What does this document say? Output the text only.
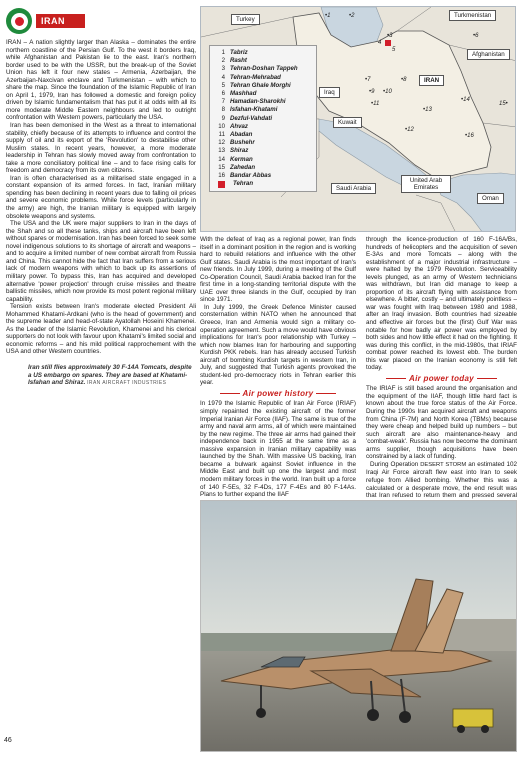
IRAN

IRAN – A nation slightly larger than Alaska – dominates the entire northern coastline of the Persian Gulf. To the west it borders Iraq, while Afghanistan and Pakistan lie to the east. Iran's northern border used to be with the USSR, but the break-up of the Soviet Union has left it four new states – Armenia, Azerbaijan, the Azerbaijan-Naxcivan enclave and Turkmenistan – with which to share the map. Since the foundation of the Islamic Republic of Iran on April 1, 1979, Iran has followed a domestic and foreign policy driven by Islamic fundamentalism that has put it at odds with all its more moderate Middle Eastern neighbours and led to outright confrontation with Western powers, particularly the USA.

Iran has been demonised in the West as a threat to international stability, chiefly because of its attempts to influence and control the supply of oil and its export of the 'Revolution' to destabilise other Muslim states. In recent years, however, a more moderate leadership in Tehran has slowly moved away from confrontation to take a more conciliatory political line – and to face rising calls for freedom and democracy from its own citizens.

Iran is often characterised as a militarised state engaged in a constant expansion of its armed forces. In fact, Iranian military spending has been declining in recent years due to falling oil prices and severe economic problems. While force levels (particularly in the army) are high, the Iranian military is equipped with largely obsolete weapons and systems.

The USA and the UK were major suppliers to Iran in the days of the Shah and so all these tanks, ships and aircraft have been left without spares or modernisation. Iran has been forced to seek some novel indigenous solutions to its shortage of aircraft and weapons – and to acquire a limited number of new combat aircraft from Russia and China. This cannot hide the fact that Iran suffers from a serious lack of modern weapons with which to back up its assertions of military power. To bypass this, Iran has acquired and developed alternative 'power projection' through cruise missiles and theatre ballistic missiles, which now provide its most potent regional military capability.

Tension exists between Iran's moderate elected President Ali Mohammed Khatami-Ardkani (who is the head of government) and the supreme leader and head-of-state Ayatollah Hoseini Khamenei. As the Leader of the Islamic Revolution, Khamenei and his clerical supporters do not look with favour upon Khatami's limited social and economic reforms – and his mild political rapprochement with the USA and other Western countries.

Iran still flies approximately 30 F-14A Tomcats, despite a US embargo on spares. They are based at Khatami-Isfahan and Shiraz. IRAN AIRCRAFT INDUSTRIES
46
Turkey
Turkmenistan
Afghanistan
Iraq
IRAN
Kuwait
Saudi Arabia
United Arab Emirates
Oman
1 Tabriz
2 Rasht
3 Tehran-Doshan Tappeh
4 Tehran-Mehrabad
5 Tehran Ghale Morghi
6 Mashhad
7 Hamadan-Sharokhi
8 Isfahan-Khatami
9 Dezful-Vahdati
10 Ahvaz
11 Abadan
12 Bushehr
13 Shiraz
14 Kerman
15 Zahedan
16 Bandar Abbas
Tehran
•1	•2
•3
4
5
•6
•7	•8
•9 •10
•11
•12
•13
•14
15•
•16

With the defeat of Iraq as a regional power, Iran finds itself in a dominant position in the region and is working hard to rebuild relations and influence with the other Gulf states. Saudi Arabia is the most important of Iran's new friends. In July 1999, during a meeting of the Gulf Co-Operation Council, Saudi Arabia backed Iran for the first time in a long-standing territorial dispute with the UAE over three islands in the Gulf, occupied by Iran since 1971.

In July 1999, the Greek Defence Minister caused consternation within NATO when he announced that Greece, Iran and Armenia would sign a military co-operation agreement. Such a move would have obvious implications for Iran's poor relationship with Turkey – which now blames Iran for harbouring and supporting Kurdish PKK rebels. Iran has already accused Turkish aircraft of bombing Kurdish targets in western Iran, in July, and suggested that Turkish agents provoked the student-led pro-democracy riots in Tehran earlier this year.

Air power history

In 1979 the Islamic Republic of Iran Air Force (IRIAF) simply repainted the existing aircraft of the former Imperial Iranian Air Force (IIAF). The same is true of the army and naval arm arms, all of which were maintained by the new regime. The three air arms had gained their independence back in 1955 at the same time as a massive expansion in Iranian military capability was launched by the Shah. With massive US backing, Iran became a bulwark against Soviet influence in the Middle East and built up one the largest and most modern military forces in the world. Iran built up a force of 140 F-5Es, 32 F-4Ds, 177 F-4Es and 80 F-14As. Plans to further expand the IIAF

through the licence-production of 160 F-16A/Bs, hundreds of helicopters and the acquisition of seven E-3As and more Tomcats – along with the establishment of a major industrial infrastructure – were halted by the 1979 Revolution. Serviceability levels plunged, as an army of Western technicians was withdrawn, but Iran did manage to keep a proportion of its aircraft flying with assistance from elsewhere. A bitter, costly – and ultimately pointless – war was fought with Iraq between 1980 and 1988, after an Iraqi invasion. Both countries had sizeable and effective air forces but the (first) Gulf War was notable for how badly air power was employed by both sides and how little effect it had on the fighting. It was during this conflict, in the mid-1980s, that IRIAF combat power reached its lowest ebb. The burden this war placed on the Iranian economy is still felt today.

Air power today

The IRIAF is still based around the organisation and the equipment of the IIAF, though little hard fact is known about the true force status of the Air Force. During the 1990s Iran acquired aircraft and weapons from China (F-7M) and North Korea (TBMs) because they were cheap and helped build up numbers – but such aircraft are also maintenance-heavy and 'combat-weak'. Russia has now become the dominant arms supplier, though acquisitions have been constrained by a lack of funding.

During Operation DESERT STORM an estimated 102 Iraqi Air Force aircraft flew east into Iran to seek refuge from Allied bombing. Whether this was a calculated or a desperate move, the end result was that Iran refused to return them and pressed several
